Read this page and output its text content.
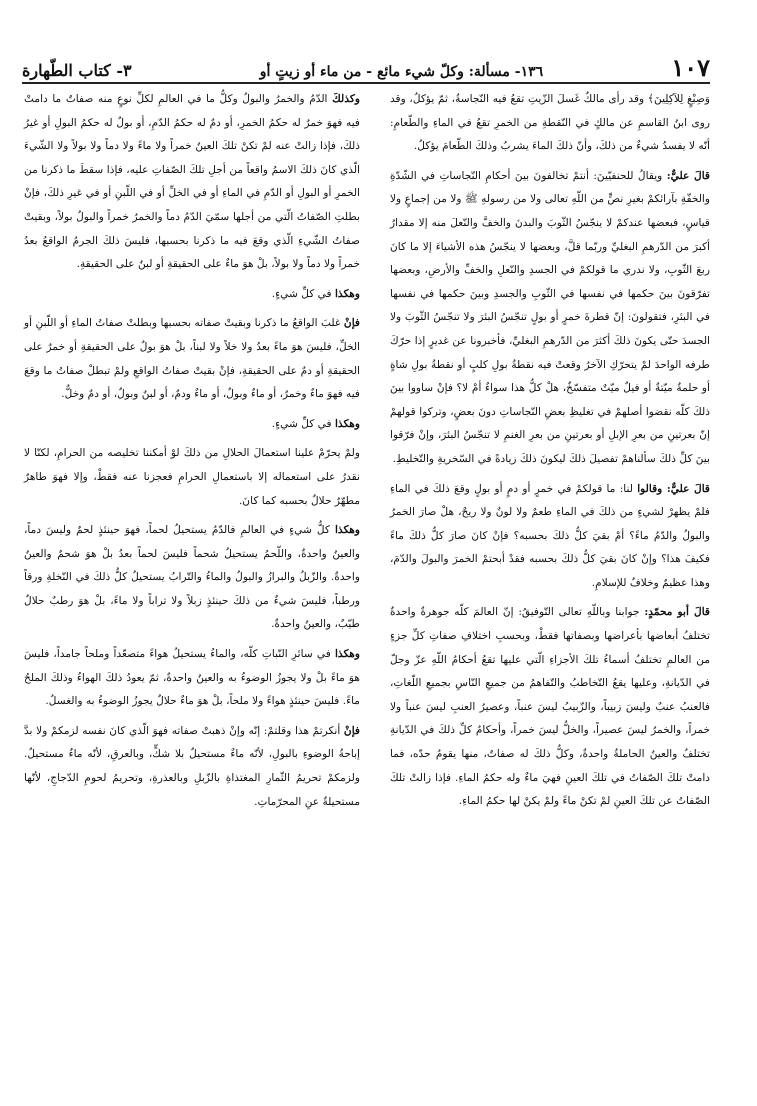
١٠٧
١٣٦- مسألة: وكلّ شيء مائع - من ماء أو زيتٍ أو
٣- كتاب الطّهارة

وَصِبْغٍ لِلآكِلِينَ﴾ وقد رأى مالكٌ غَسلَ الزّيتِ تقعُ فيه النّجاسةُ، ثمّ يؤكلُ، وقد روى ابنُ القاسمِ عن مالكٍ في النّقطةِ من الخمرِ تقعُ في الماءِ والطّعامِ: أنّه لا يفسدُ شيءٌ من ذلكَ، وأنّ ذلكَ الماءَ يشربُ وذلكَ الطّعامَ يؤكلُ.

قالَ عليٌّ: ويقالُ للحنفيّينَ: أنتمْ تخالفونَ بينَ أحكامِ النّجاساتِ في الشّدّةِ والخفّةِ بآرائكمْ بغيرِ نصٍّ من اللّهِ تعالى ولا من رسولهِ ﷺ ولا من إجماعٍ ولا قياسٍ، فبعضها عندكمْ لا ينجّسُ الثّوبَ والبدنَ والخفَّ والنّعلَ منه إلا مقدارُ أكبرَ من الدّرهمِ البغليِّ وربّما قلَّ، وبعضها لا ينجّسُ هذه الأشياءَ إلا ما كانَ ربعَ الثّوبِ، ولا ندري ما قولكمْ في الجسدِ والنّعلِ والخفِّ والأرضِ، وبعضها تفرّقونَ بينَ حكمها في نفسها في الثّوبِ والجسدِ وبينَ حكمها في نفسها في البئرِ، فتقولونَ: إنّ قطرةَ خمرٍ أو بولٍ تنجّسُ البئرَ ولا تنجّسُ الثّوبَ ولا الجسدَ حتّى يكونَ ذلكَ أكثرَ من الدّرهمِ البغليِّ، فأخبرونا عن غديرٍ إذا حرّكَ طرفه الواحدَ لمْ يتحرّكِ الآخرُ وقعتْ فيه نقطةُ بولِ كلبٍ أو نقطةُ بولِ شاةٍ أو حلمةٌ ميّتةٌ أو فيلٌ ميّتٌ متفسّخٌ، هلْ كلُّ هذا سواءٌ أمْ لا؟ فإنْ ساووا بينَ ذلكَ كلّه نقضوا أصلهمْ في تغليظِ بعضِ النّجاساتِ دونَ بعضٍ، وتركوا قولهمْ إنّ بعرتينِ من بعرِ الإبلِ أو بعرتينِ من بعرِ الغنمِ لا تنجّسُ البئرَ، وإنْ فرّقوا بينَ كلِّ ذلكَ سألناهمْ تفصيلَ ذلكَ ليكونَ ذلكَ زيادةً في السّخريةِ والتّخليطِ.

قالَ عليٌّ: وقالوا لنا: ما قولكمْ في خمرٍ أو دمٍ أو بولٍ وقعَ ذلكَ في الماءِ فلمْ يظهرْ لشيءٍ من ذلكَ في الماءِ طعمٌ ولا لونٌ ولا ريحٌ، هلْ صارَ الخمرُ والبولُ والدّمُ ماءً؟ أمْ بقيَ كلُّ ذلكَ بحسبه؟ فإنْ كانَ صارَ كلُّ ذلكَ ماءً فكيفَ هذا؟ وإنْ كانَ بقيَ كلُّ ذلكَ بحسبه فقدْ أبحتمْ الخمرَ والبولَ والدّمَ، وهذا عظيمٌ وخلافٌ للإسلامِ.

قالَ أبو محمّدٍ: جوابنا وباللّهِ تعالى التّوفيقُ: إنّ العالمَ كلّه جوهرةٌ واحدةٌ تختلفُ أبعاضها بأعراضها وبصفاتها فقطْ، وبحسبِ اختلافِ صفاتِ كلِّ جزءٍ من العالمِ تختلفُ أسماءُ تلكَ الأجزاءِ الّتي عليها تقعُ أحكامُ اللّهِ عزّ وجلّ في الدّيانةِ، وعليها يقعُ التّخاطبُ والتّفاهمُ من جميعِ النّاسِ بجميعِ اللّغاتِ، فالعنبُ عنبٌ وليسَ زبيباً، والزّبيبُ ليسَ عنباً، وعصيرُ العنبِ ليسَ عنباً ولا خمراً، والخمرُ ليسَ عصيراً، والخلُّ ليسَ خمراً، وأحكامُ كلِّ ذلكَ في الدّيانةِ تختلفُ والعينُ الحاملةُ واحدةٌ، وكلُّ ذلكَ له صفاتٌ، منها يقومُ حدّه، فما دامتْ تلكَ الصّفاتُ في تلكَ العينِ فهيَ ماءٌ وله حكمُ الماءِ. فإذا زالتْ تلكَ الصّفاتُ عن تلكَ العينِ لمْ تكنْ ماءً ولمْ يكنْ لها حكمُ الماءِ.

وكذلكَ الدّمُ والخمرُ والبولُ وكلُّ ما في العالمِ لكلِّ نوعٍ منه صفاتٌ ما دامتْ فيه فهوَ خمرٌ له حكمُ الخمرِ، أو دمٌ له حكمُ الدّمِ، أو بولٌ له حكمُ البولِ أو غيرُ ذلكَ، فإذا زالتْ عنه لمْ تكنْ تلكَ العينُ خمراً ولا ماءً ولا دماً ولا بولاً ولا الشّيءَ الّذي كانَ ذلكَ الاسمُ واقعاً من أجلِ تلكَ الصّفاتِ عليه، فإذا سقطَ ما ذكرنا من الخمرِ أو البولِ أو الدّمِ في الماءِ أو في الخلِّ أو في اللّبنِ أو في غيرِ ذلكَ، فإنْ بطلتِ الصّفاتُ الّتي من أجلها سمّيَ الدّمُ دماً والخمرُ خمراً والبولُ بولاً، وبقيتْ صفاتُ الشّيءِ الّذي وقعَ فيه ما ذكرنا بحسبها، فليسَ ذلكَ الجرمُ الواقعُ بعدُ خمراً ولا دماً ولا بولاً، بلْ هوَ ماءٌ على الحقيقةِ أو لبنٌ على الحقيقةِ.

وهكذا في كلِّ شيءٍ.

فإنْ غلبَ الواقعُ ما ذكرنا وبقيتْ صفاته بحسبها وبطلتْ صفاتُ الماءِ أو اللّبنِ أو الخلِّ، فليسَ هوَ ماءً بعدُ ولا خلاً ولا لبناً، بلْ هوَ بولٌ على الحقيقةِ أو خمرٌ على الحقيقةِ أو دمٌ على الحقيقةِ، فإنْ بقيتْ صفاتُ الواقعِ ولمْ تبطلْ صفاتُ ما وقعَ فيه فهوَ ماءٌ وخمرٌ، أو ماءٌ وبولٌ، أو ماءٌ ودمٌ، أو لبنٌ وبولٌ، أو دمٌ وخلٌّ.

وهكذا في كلِّ شيءٍ.

ولمْ يحرّمْ علينا استعمالَ الحلالِ من ذلكَ لوْ أمكننا تخليصه من الحرامِ، لكنّا لا نقدرُ على استعماله إلا باستعمالِ الحرامِ فعجزنا عنه فقطْ، وإلا فهوَ طاهرٌ مطهّرٌ حلالٌ بحسبه كما كانَ.

وهكذا كلُّ شيءٍ في العالمِ فالدّمُ يستحيلُ لحماً، فهوَ حينئذٍ لحمٌ وليسَ دماً، والعينُ واحدةٌ، واللّحمُ يستحيلُ شحماً فليسَ لحماً بعدُ بلْ هوَ شحمٌ والعينُ واحدةٌ. والزّبلُ والبرازُ والبولُ والماءُ والتّرابُ يستحيلُ كلُّ ذلكَ في النّخلةِ ورقاً ورطباً، فليسَ شيءٌ من ذلكَ حينئذٍ زبلاً ولا تراباً ولا ماءً، بلْ هوَ رطبٌ حلالٌ طيّبٌ، والعينُ واحدةٌ.

وهكذا في سائرِ النّباتِ كلّه، والماءُ يستحيلُ هواءً متصعّداً وملحاً جامداً، فليسَ هوَ ماءً بلْ ولا يجوزُ الوضوءُ به والعينُ واحدةٌ، ثمّ يعودُ ذلكَ الهواءُ وذلكَ الملحُ ماءً. فليسَ حينئذٍ هواءً ولا ملحاً، بلْ هوَ ماءٌ حلالٌ يجوزُ الوضوءُ به والغسلُ.

فإنْ أنكرتمْ هذا وقلتمْ: إنّه وإنْ ذهبتْ صفاته فهوَ الّذي كانَ نفسه لزمكمْ ولا بدَّ إباحةُ الوضوءِ بالبولِ، لأنّه ماءٌ مستحيلٌ بلا شكٍّ، وبالعرقِ، لأنّه ماءٌ مستحيلٌ. ولزمكمْ تحريمُ الثّمارِ المغتذاةِ بالزّبلِ وبالعذرةِ، وتحريمُ لحومِ الدّجاجِ، لأنّها مستحيلةٌ عنِ المحرّماتِ.
